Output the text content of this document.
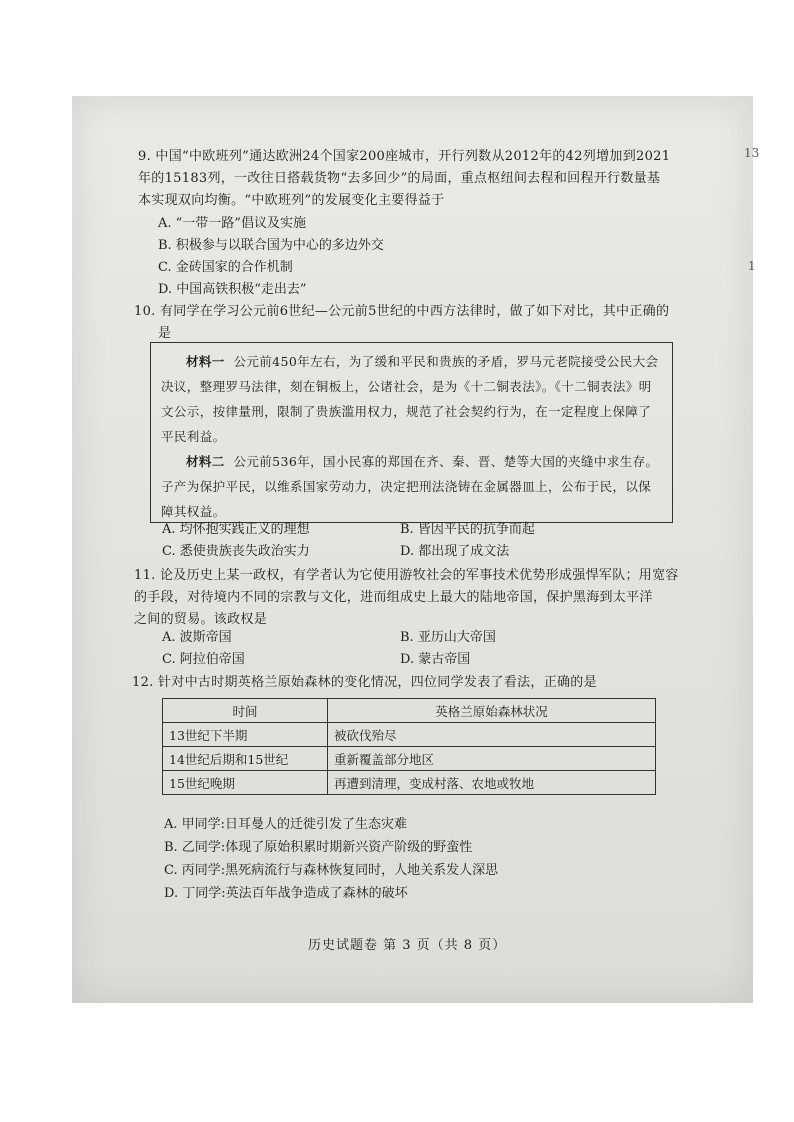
13
1

9. 中国“中欧班列”通达欧洲24个国家200座城市，开行列数从2012年的42列增加到2021

年的15183列，一改往日搭载货物“去多回少”的局面，重点枢纽间去程和回程开行数量基

本实现双向均衡。“中欧班列”的发展变化主要得益于

A. “一带一路”倡议及实施
B. 积极参与以联合国为中心的多边外交
C. 金砖国家的合作机制
D. 中国高铁积极“走出去”

10. 有同学在学习公元前6世纪—公元前5世纪的中西方法律时，做了如下对比，其中正确的

是

材料一 公元前450年左右，为了缓和平民和贵族的矛盾，罗马元老院接受公民大会决议，整理罗马法律，刻在铜板上，公诸社会，是为《十二铜表法》。《十二铜表法》明文公示，按律量刑，限制了贵族滥用权力，规范了社会契约行为，在一定程度上保障了平民利益。

材料二 公元前536年，国小民寡的郑国在齐、秦、晋、楚等大国的夹缝中求生存。子产为保护平民，以维系国家劳动力，决定把刑法浇铸在金属器皿上，公布于民，以保障其权益。

A. 均怀抱实践正义的理想	B. 皆因平民的抗争而起
C. 悉使贵族丧失政治实力	D. 都出现了成文法

11. 论及历史上某一政权，有学者认为它使用游牧社会的军事技术优势形成强悍军队；用宽容

的手段，对待境内不同的宗教与文化，进而组成史上最大的陆地帝国，保护黑海到太平洋

之间的贸易。该政权是

A. 波斯帝国	B. 亚历山大帝国
C. 阿拉伯帝国	D. 蒙古帝国

12. 针对中古时期英格兰原始森林的变化情况，四位同学发表了看法，正确的是

时间	英格兰原始森林状况
13世纪下半期	被砍伐殆尽
14世纪后期和15世纪	重新覆盖部分地区
15世纪晚期	再遭到清理，变成村落、农地或牧地
A. 甲同学:日耳曼人的迁徙引发了生态灾难
B. 乙同学:体现了原始积累时期新兴资产阶级的野蛮性
C. 丙同学:黑死病流行与森林恢复同时，人地关系发人深思
D. 丁同学:英法百年战争造成了森林的破坏
历史试题卷 第 3 页（共 8 页）
